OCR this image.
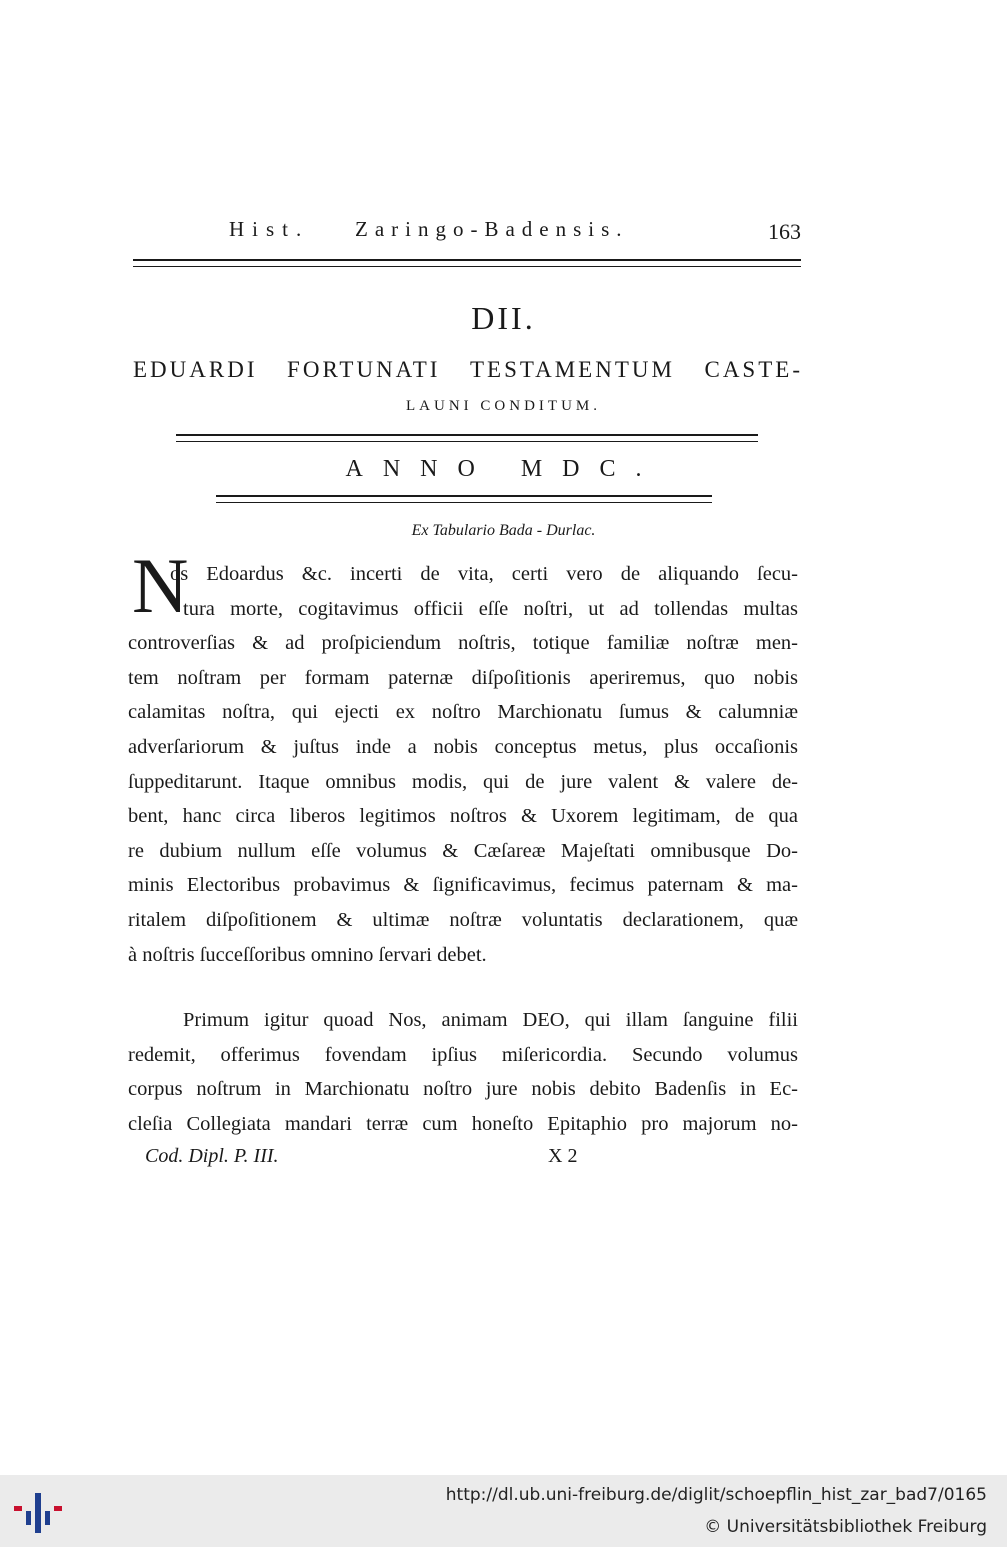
Hist. Zaringo-Badensis.	163
DII.
EDUARDI FORTUNATI TESTAMENTUM CASTE-
LAUNI CONDITUM.
ANNO MDC.
Ex Tabulario Bada - Durlac.
N
os Edoardus &c. incerti de vita, certi vero de aliquando ſecu-
tura morte, cogitavimus officii eſſe noſtri, ut ad tollendas multas
controverſias & ad proſpiciendum noſtris, totique familiæ noſtræ men-
tem noſtram per formam paternæ diſpoſitionis aperiremus, quo nobis
calamitas noſtra, qui ejecti ex noſtro Marchionatu ſumus & calumniæ
adverſariorum & juſtus inde a nobis conceptus metus, plus occaſionis
ſuppeditarunt. Itaque omnibus modis, qui de jure valent & valere de-
bent, hanc circa liberos legitimos noſtros & Uxorem legitimam, de qua
re dubium nullum eſſe volumus & Cæſareæ Majeſtati omnibusque Do-
minis Electoribus probavimus & ſignificavimus, fecimus paternam & ma-
ritalem diſpoſitionem & ultimæ noſtræ voluntatis declarationem, quæ
à noſtris ſucceſſoribus omnino ſervari debet.
Primum igitur quoad Nos, animam DEO, qui illam ſanguine filii
redemit, offerimus fovendam ipſius miſericordia. Secundo volumus
corpus noſtrum in Marchionatu noſtro jure nobis debito Badenſis in Ec-
cleſia Collegiata mandari terræ cum honeſto Epitaphio pro majorum no-
Cod. Dipl. P. III.	X 2
http://dl.ub.uni-freiburg.de/diglit/schoepflin_hist_zar_bad7/0165
© Universitätsbibliothek Freiburg
